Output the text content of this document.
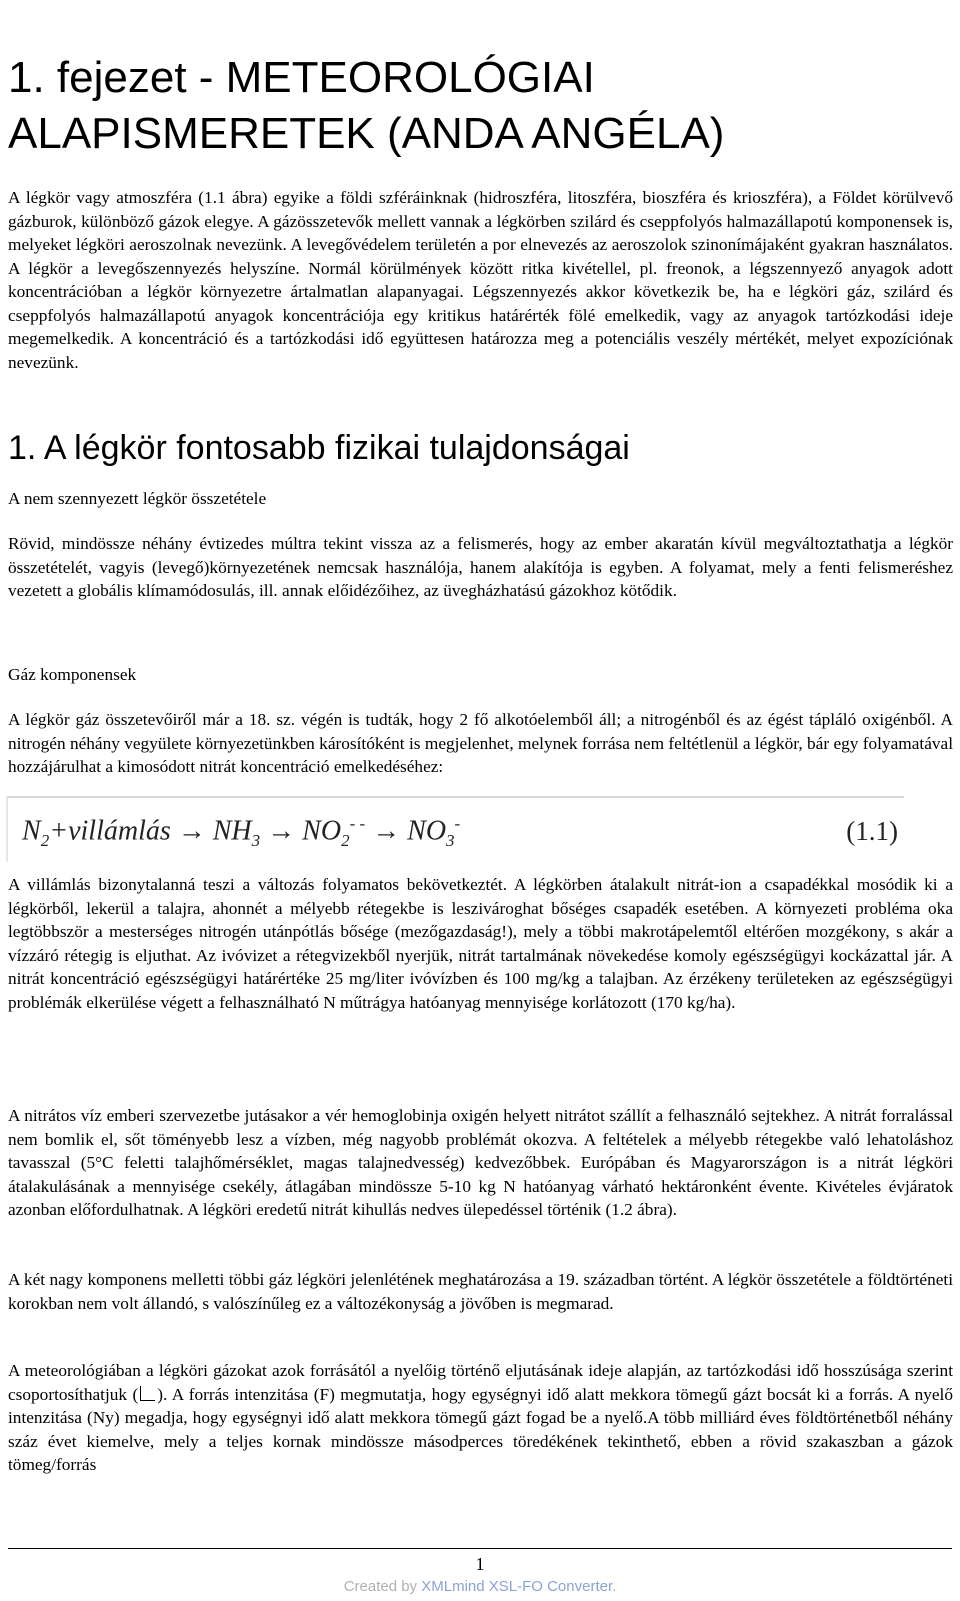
1. fejezet - METEOROLÓGIAI ALAPISMERETEK (ANDA ANGÉLA)

A légkör vagy atmoszféra (1.1 ábra) egyike a földi szféráinknak (hidroszféra, litoszféra, bioszféra és krioszféra), a Földet körülvevő gázburok, különböző gázok elegye. A gázösszetevők mellett vannak a légkörben szilárd és cseppfolyós halmazállapotú komponensek is, melyeket légköri aeroszolnak nevezünk. A levegővédelem területén a por elnevezés az aeroszolok szinonímájaként gyakran használatos. A légkör a levegőszennyezés helyszíne. Normál körülmények között ritka kivétellel, pl. freonok, a légszennyező anyagok adott koncentrációban a légkör környezetre ártalmatlan alapanyagai. Légszennyezés akkor következik be, ha e légköri gáz, szilárd és cseppfolyós halmazállapotú anyagok koncentrációja egy kritikus határérték fölé emelkedik, vagy az anyagok tartózkodási ideje megemelkedik. A koncentráció és a tartózkodási idő együttesen határozza meg a potenciális veszély mértékét, melyet expozíciónak nevezünk.

1. A légkör fontosabb fizikai tulajdonságai

A nem szennyezett légkör összetétele

Rövid, mindössze néhány évtizedes múltra tekint vissza az a felismerés, hogy az ember akaratán kívül megváltoztathatja a légkör összetételét, vagyis (levegő)környezetének nemcsak használója, hanem alakítója is egyben. A folyamat, mely a fenti felismeréshez vezetett a globális klímamódosulás, ill. annak előidézőihez, az üvegházhatású gázokhoz kötődik.

Gáz komponensek

A légkör gáz összetevőiről már a 18. sz. végén is tudták, hogy 2 fő alkotóelemből áll; a nitrogénből és az égést tápláló oxigénből. A nitrogén néhány vegyülete környezetünkben károsítóként is megjelenhet, melynek forrása nem feltétlenül a légkör, bár egy folyamatával hozzájárulhat a kimosódott nitrát koncentráció emelkedéséhez:

$N_2+villámlás \to NH_3 \to NO_2^{- -} \to NO_3^-$	(1.1)

A villámlás bizonytalanná teszi a változás folyamatos bekövetkeztét. A légkörben átalakult nitrát-ion a csapadékkal mosódik ki a légkörből, lekerül a talajra, ahonnét a mélyebb rétegekbe is leszivároghat bőséges csapadék esetében. A környezeti probléma oka legtöbbször a mesterséges nitrogén utánpótlás bősége (mezőgazdaság!), mely a többi makrotápelemtől eltérően mozgékony, s akár a vízzáró rétegig is eljuthat. Az ivóvizet a rétegvizekből nyerjük, nitrát tartalmának növekedése komoly egészségügyi kockázattal jár. A nitrát koncentráció egészségügyi határértéke 25 mg/liter ivóvízben és 100 mg/kg a talajban. Az érzékeny területeken az egészségügyi problémák elkerülése végett a felhasználható N műtrágya hatóanyag mennyisége korlátozott (170 kg/ha).

A nitrátos víz emberi szervezetbe jutásakor a vér hemoglobinja oxigén helyett nitrátot szállít a felhasználó sejtekhez. A nitrát forralással nem bomlik el, sőt töményebb lesz a vízben, még nagyobb problémát okozva. A feltételek a mélyebb rétegekbe való lehatoláshoz tavasszal (5°C feletti talajhőmérséklet, magas talajnedvesség) kedvezőbbek. Európában és Magyarországon is a nitrát légköri átalakulásának a mennyisége csekély, átlagában mindössze 5-10 kg N hatóanyag várható hektáronként évente. Kivételes évjáratok azonban előfordulhatnak. A légköri eredetű nitrát kihullás nedves ülepedéssel történik (1.2 ábra).

A két nagy komponens melletti többi gáz légköri jelenlétének meghatározása a 19. században történt. A légkör összetétele a földtörténeti korokban nem volt állandó, s valószínűleg ez a változékonyság a jövőben is megmarad.

A meteorológiában a légköri gázokat azok forrásától a nyelőig történő eljutásának ideje alapján, az tartózkodási idő hosszúsága szerint csoportosíthatjuk ( ). A forrás intenzitása (F) megmutatja, hogy egységnyi idő alatt mekkora tömegű gázt bocsát ki a forrás. A nyelő intenzitása (Ny) megadja, hogy egységnyi idő alatt mekkora tömegű gázt fogad be a nyelő.A több milliárd éves földtörténetből néhány száz évet kiemelve, mely a teljes kornak mindössze másodperces töredékének tekinthető, ebben a rövid szakaszban a gázok tömeg/forrás

1
Created by XMLmind XSL-FO Converter.
